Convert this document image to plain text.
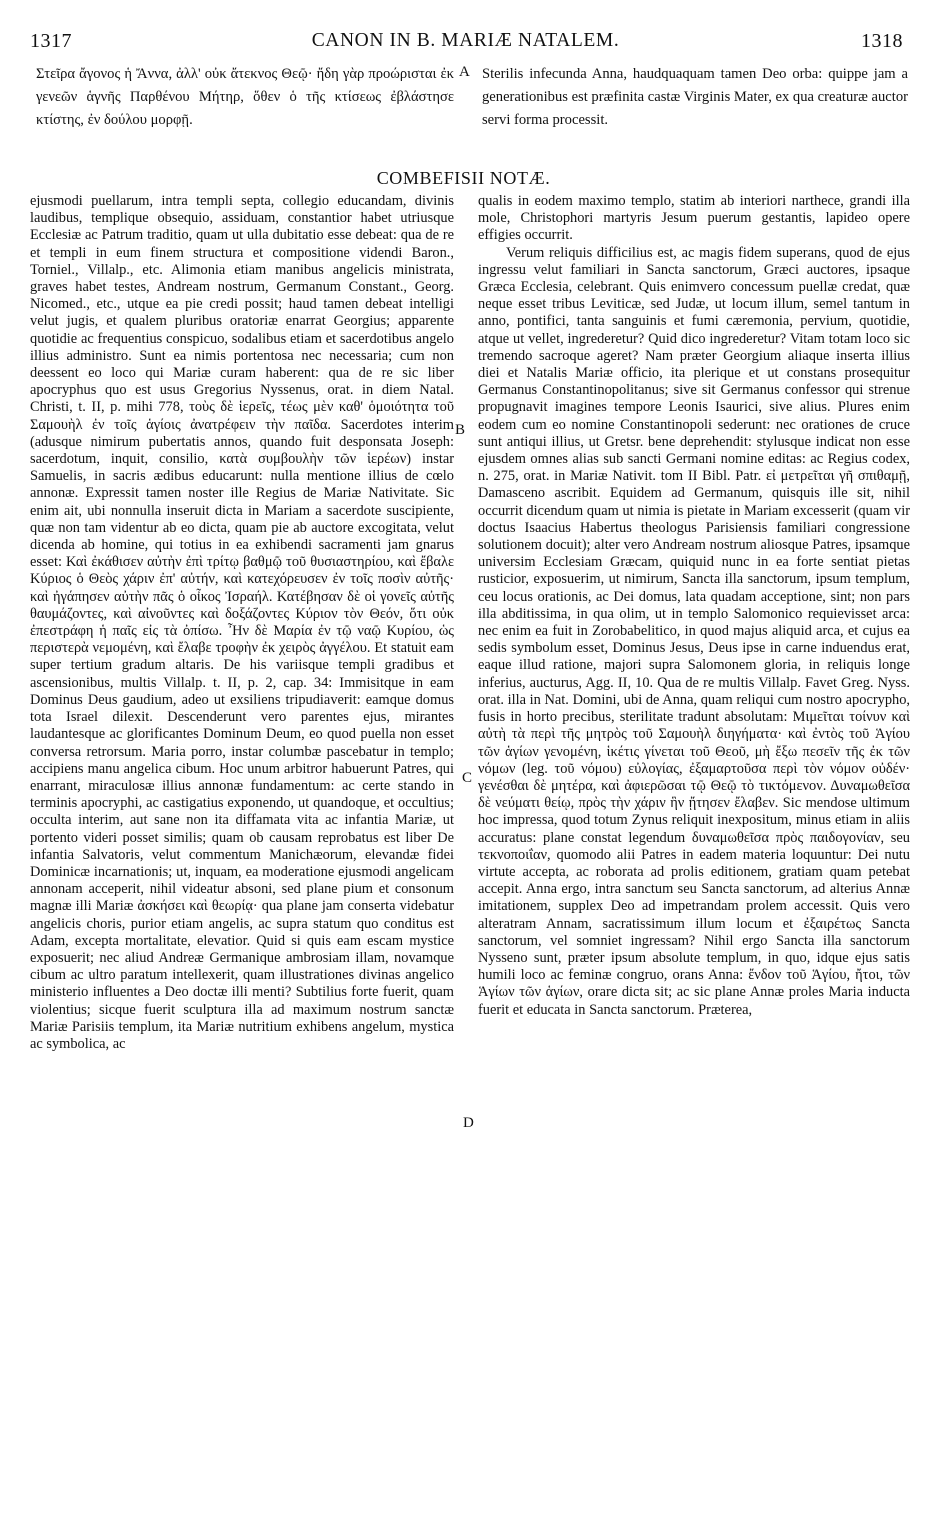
1317	CANON IN B. MARIÆ NATALEM.	1318
Στεῖρα ἄγονος ἡ Ἄννα, ἀλλ' οὐκ ἄτεκνος Θεῷ· ἤδη γὰρ προώρισται ἐκ γενεῶν ἁγνῆς Παρθένου Μήτηρ, ὅθεν ὁ τῆς κτίσεως ἐβλάστησε κτίστης, ἐν δούλου μορφῇ.
A Sterilis infecunda Anna, haudquaquam tamen Deo orba: quippe jam a generationibus est præfinita castæ Virginis Mater, ex qua creaturæ auctor servi forma processit.
COMBEFISII NOTÆ.

ejusmodi puellarum, intra templi septa, collegio educandam, divinis laudibus, templique obsequio, assiduam, constantior habet utriusque Ecclesiæ ac Patrum traditio, quam ut ulla dubitatio esse debeat: qua de re et templi in eum finem structura et compositione videndi Baron., Torniel., Villalp., etc. Alimonia etiam manibus angelicis ministrata, graves habet testes, Andream nostrum, Germanum Constant., Georg. Nicomed., etc., utque ea pie credi possit; haud tamen debeat intelligi velut jugis, et qualem pluribus oratoriæ enarrat Georgius; apparente quotidie ac frequentius conspicuo, sodalibus etiam et sacerdotibus angelo illius administro. Sunt ea nimis portentosa nec necessaria; cum non deessent eo loco qui Mariæ curam haberent: qua de re sic liber apocryphus quo est usus Gregorius Nyssenus, orat. in diem Natal. Christi, t. II, p. mihi 778, τοὺς δὲ ἱερεῖς, τέως μὲν καθ' ὁμοιότητα τοῦ Σαμουὴλ ἐν τοῖς ἁγίοις ἀνατρέφειν τὴν παῖδα. Sacerdotes interim (adusque nimirum pubertatis annos, quando fuit desponsata Joseph: sacerdotum, inquit, consilio, κατὰ συμβουλὴν τῶν ἱερέων) instar Samuelis, in sacris ædibus educarunt: nulla mentione illius de cœlo annonæ. Expressit tamen noster ille Regius de Mariæ Nativitate. Sic enim ait, ubi nonnulla inseruit dicta in Mariam a sacerdote suscipiente, quæ non tam videntur ab eo dicta, quam pie ab auctore excogitata, velut dicenda ab homine, qui totius in ea exhibendi sacramenti jam gnarus esset: Καὶ ἐκάθισεν αὐτὴν ἐπὶ τρίτῳ βαθμῷ τοῦ θυσιαστηρίου, καὶ ἔβαλε Κύριος ὁ Θεὸς χάριν ἐπ' αὐτήν, καὶ κατεχόρευσεν ἐν τοῖς ποσὶν αὐτῆς· καὶ ἠγάπησεν αὐτὴν πᾶς ὁ οἶκος Ἰσραήλ. Κατέβησαν δὲ οἱ γονεῖς αὐτῆς θαυμάζοντες, καὶ αἰνοῦντες καὶ δοξάζοντες Κύριον τὸν Θεόν, ὅτι οὐκ ἐπεστράφη ἡ παῖς εἰς τὰ ὀπίσω. Ἦν δὲ Μαρία ἐν τῷ ναῷ Κυρίου, ὡς περιστερὰ νεμομένη, καὶ ἔλαβε τροφὴν ἐκ χειρὸς ἀγγέλου. Et statuit eam super tertium gradum altaris. De his variisque templi gradibus et ascensionibus, multis Villalp. t. II, p. 2, cap. 34: Immisitque in eam Dominus Deus gaudium, adeo ut exsiliens tripudiaverit: eamque domus tota Israel dilexit. Descenderunt vero parentes ejus, mirantes laudantesque ac glorificantes Dominum Deum, eo quod puella non esset conversa retrorsum. Maria porro, instar columbæ pascebatur in templo; accipiens manu angelica cibum. Hoc unum arbitror habuerunt Patres, qui enarrant, miraculosæ illius annonæ fundamentum: ac certe stando in terminis apocryphi, ac castigatius exponendo, ut quandoque, et occultius; occulta interim, aut sane non ita diffamata vita ac infantia Mariæ, ut portento videri posset similis; quam ob causam reprobatus est liber De infantia Salvatoris, velut commentum Manichæorum, elevandæ fidei Dominicæ incarnationis; ut, inquam, ea moderatione ejusmodi angelicam annonam acceperit, nihil videatur absoni, sed plane pium et consonum magnæ illi Mariæ ἀσκήσει καὶ θεωρίᾳ· qua plane jam conserta videbatur angelicis choris, purior etiam angelis, ac supra statum quo conditus est Adam, excepta mortalitate, elevatior. Quid si quis eam escam mystice exposuerit; nec aliud Andreæ Germanique ambrosiam illam, novamque cibum ac ultro paratum intellexerit, quam illustrationes divinas angelico ministerio influentes a Deo doctæ illi menti? Subtilius forte fuerit, quam violentius; sicque fuerit sculptura illa ad maximum nostrum sanctæ Mariæ Parisiis templum, ita Mariæ nutritium exhibens angelum, mystica ac symbolica, ac

B
C
D

qualis in eodem maximo templo, statim ab interiori narthece, grandi illa mole, Christophori martyris Jesum puerum gestantis, lapideo opere effigies occurrit.

Verum reliquis difficilius est, ac magis fidem superans, quod de ejus ingressu velut familiari in Sancta sanctorum, Græci auctores, ipsaque Græca Ecclesia, celebrant. Quis enimvero concessum puellæ credat, quæ neque esset tribus Leviticæ, sed Judæ, ut locum illum, semel tantum in anno, pontifici, tanta sanguinis et fumi cæremonia, pervium, quotidie, atque ut vellet, ingrederetur? Quid dico ingrederetur? Vitam totam loco sic tremendo sacroque ageret? Nam præter Georgium aliaque inserta illius diei et Natalis Mariæ officio, ita plerique et ut constans prosequitur Germanus Constantinopolitanus; sive sit Germanus confessor qui strenue propugnavit imagines tempore Leonis Isaurici, sive alius. Plures enim eodem cum eo nomine Constantinopoli sederunt: nec orationes de cruce sunt antiqui illius, ut Gretsr. bene deprehendit: stylusque indicat non esse ejusdem omnes alias sub sancti Germani nomine editas: ac Regius codex, n. 275, orat. in Mariæ Nativit. tom II Bibl. Patr. εἰ μετρεῖται γῆ σπιθαμῇ, Damasceno ascribit. Equidem ad Germanum, quisquis ille sit, nihil occurrit dicendum quam ut nimia is pietate in Mariam excesserit (quam vir doctus Isaacius Habertus theologus Parisiensis familiari congressione solutionem docuit); alter vero Andream nostrum aliosque Patres, ipsamque universim Ecclesiam Græcam, quiquid nunc in ea forte sentiat pietas rusticior, exposuerim, ut nimirum, Sancta illa sanctorum, ipsum templum, ceu locus orationis, ac Dei domus, lata quadam acceptione, sint; non pars illa abditissima, in qua olim, ut in templo Salomonico requievisset arca: nec enim ea fuit in Zorobabelitico, in quod majus aliquid arca, et cujus ea sedis symbolum esset, Dominus Jesus, Deus ipse in carne induendus erat, eaque illud ratione, majori supra Salomonem gloria, in reliquis longe inferius, aucturus, Agg. II, 10. Qua de re multis Villalp. Favet Greg. Nyss. orat. illa in Nat. Domini, ubi de Anna, quam reliqui cum nostro apocrypho, fusis in horto precibus, sterilitate tradunt absolutam: Μιμεῖται τοίνυν καὶ αὐτὴ τὰ περὶ τῆς μητρὸς τοῦ Σαμουὴλ διηγήματα· καὶ ἐντὸς τοῦ Ἁγίου τῶν ἁγίων γενομένη, ἱκέτις γίνεται τοῦ Θεοῦ, μὴ ἔξω πεσεῖν τῆς ἐκ τῶν νόμων (leg. τοῦ νόμου) εὐλογίας, ἐξαμαρτοῦσα περὶ τὸν νόμον οὐδέν· γενέσθαι δὲ μητέρα, καὶ ἀφιερῶσαι τῷ Θεῷ τὸ τικτόμενον. Δυναμωθεῖσα δὲ νεύματι θείῳ, πρὸς τὴν χάριν ἣν ᾔτησεν ἔλαβεν. Sic mendose ultimum hoc impressa, quod totum Zynus reliquit inexpositum, minus etiam in aliis accuratus: plane constat legendum δυναμωθεῖσα πρὸς παιδογονίαν, seu τεκνοποιΐαν, quomodo alii Patres in eadem materia loquuntur: Dei nutu virtute accepta, ac roborata ad prolis editionem, gratiam quam petebat accepit. Anna ergo, intra sanctum seu Sancta sanctorum, ad alterius Annæ imitationem, supplex Deo ad impetrandam prolem accessit. Quis vero alteratram Annam, sacratissimum illum locum et ἐξαιρέτως Sancta sanctorum, vel somniet ingressam? Nihil ergo Sancta illa sanctorum Nysseno sunt, præter ipsum absolute templum, in quo, idque ejus satis humili loco ac feminæ congruo, orans Anna: ἔνδον τοῦ Ἁγίου, ἤτοι, τῶν Ἁγίων τῶν ἁγίων, orare dicta sit; ac sic plane Annæ proles Maria inducta fuerit et educata in Sancta sanctorum. Præterea,
